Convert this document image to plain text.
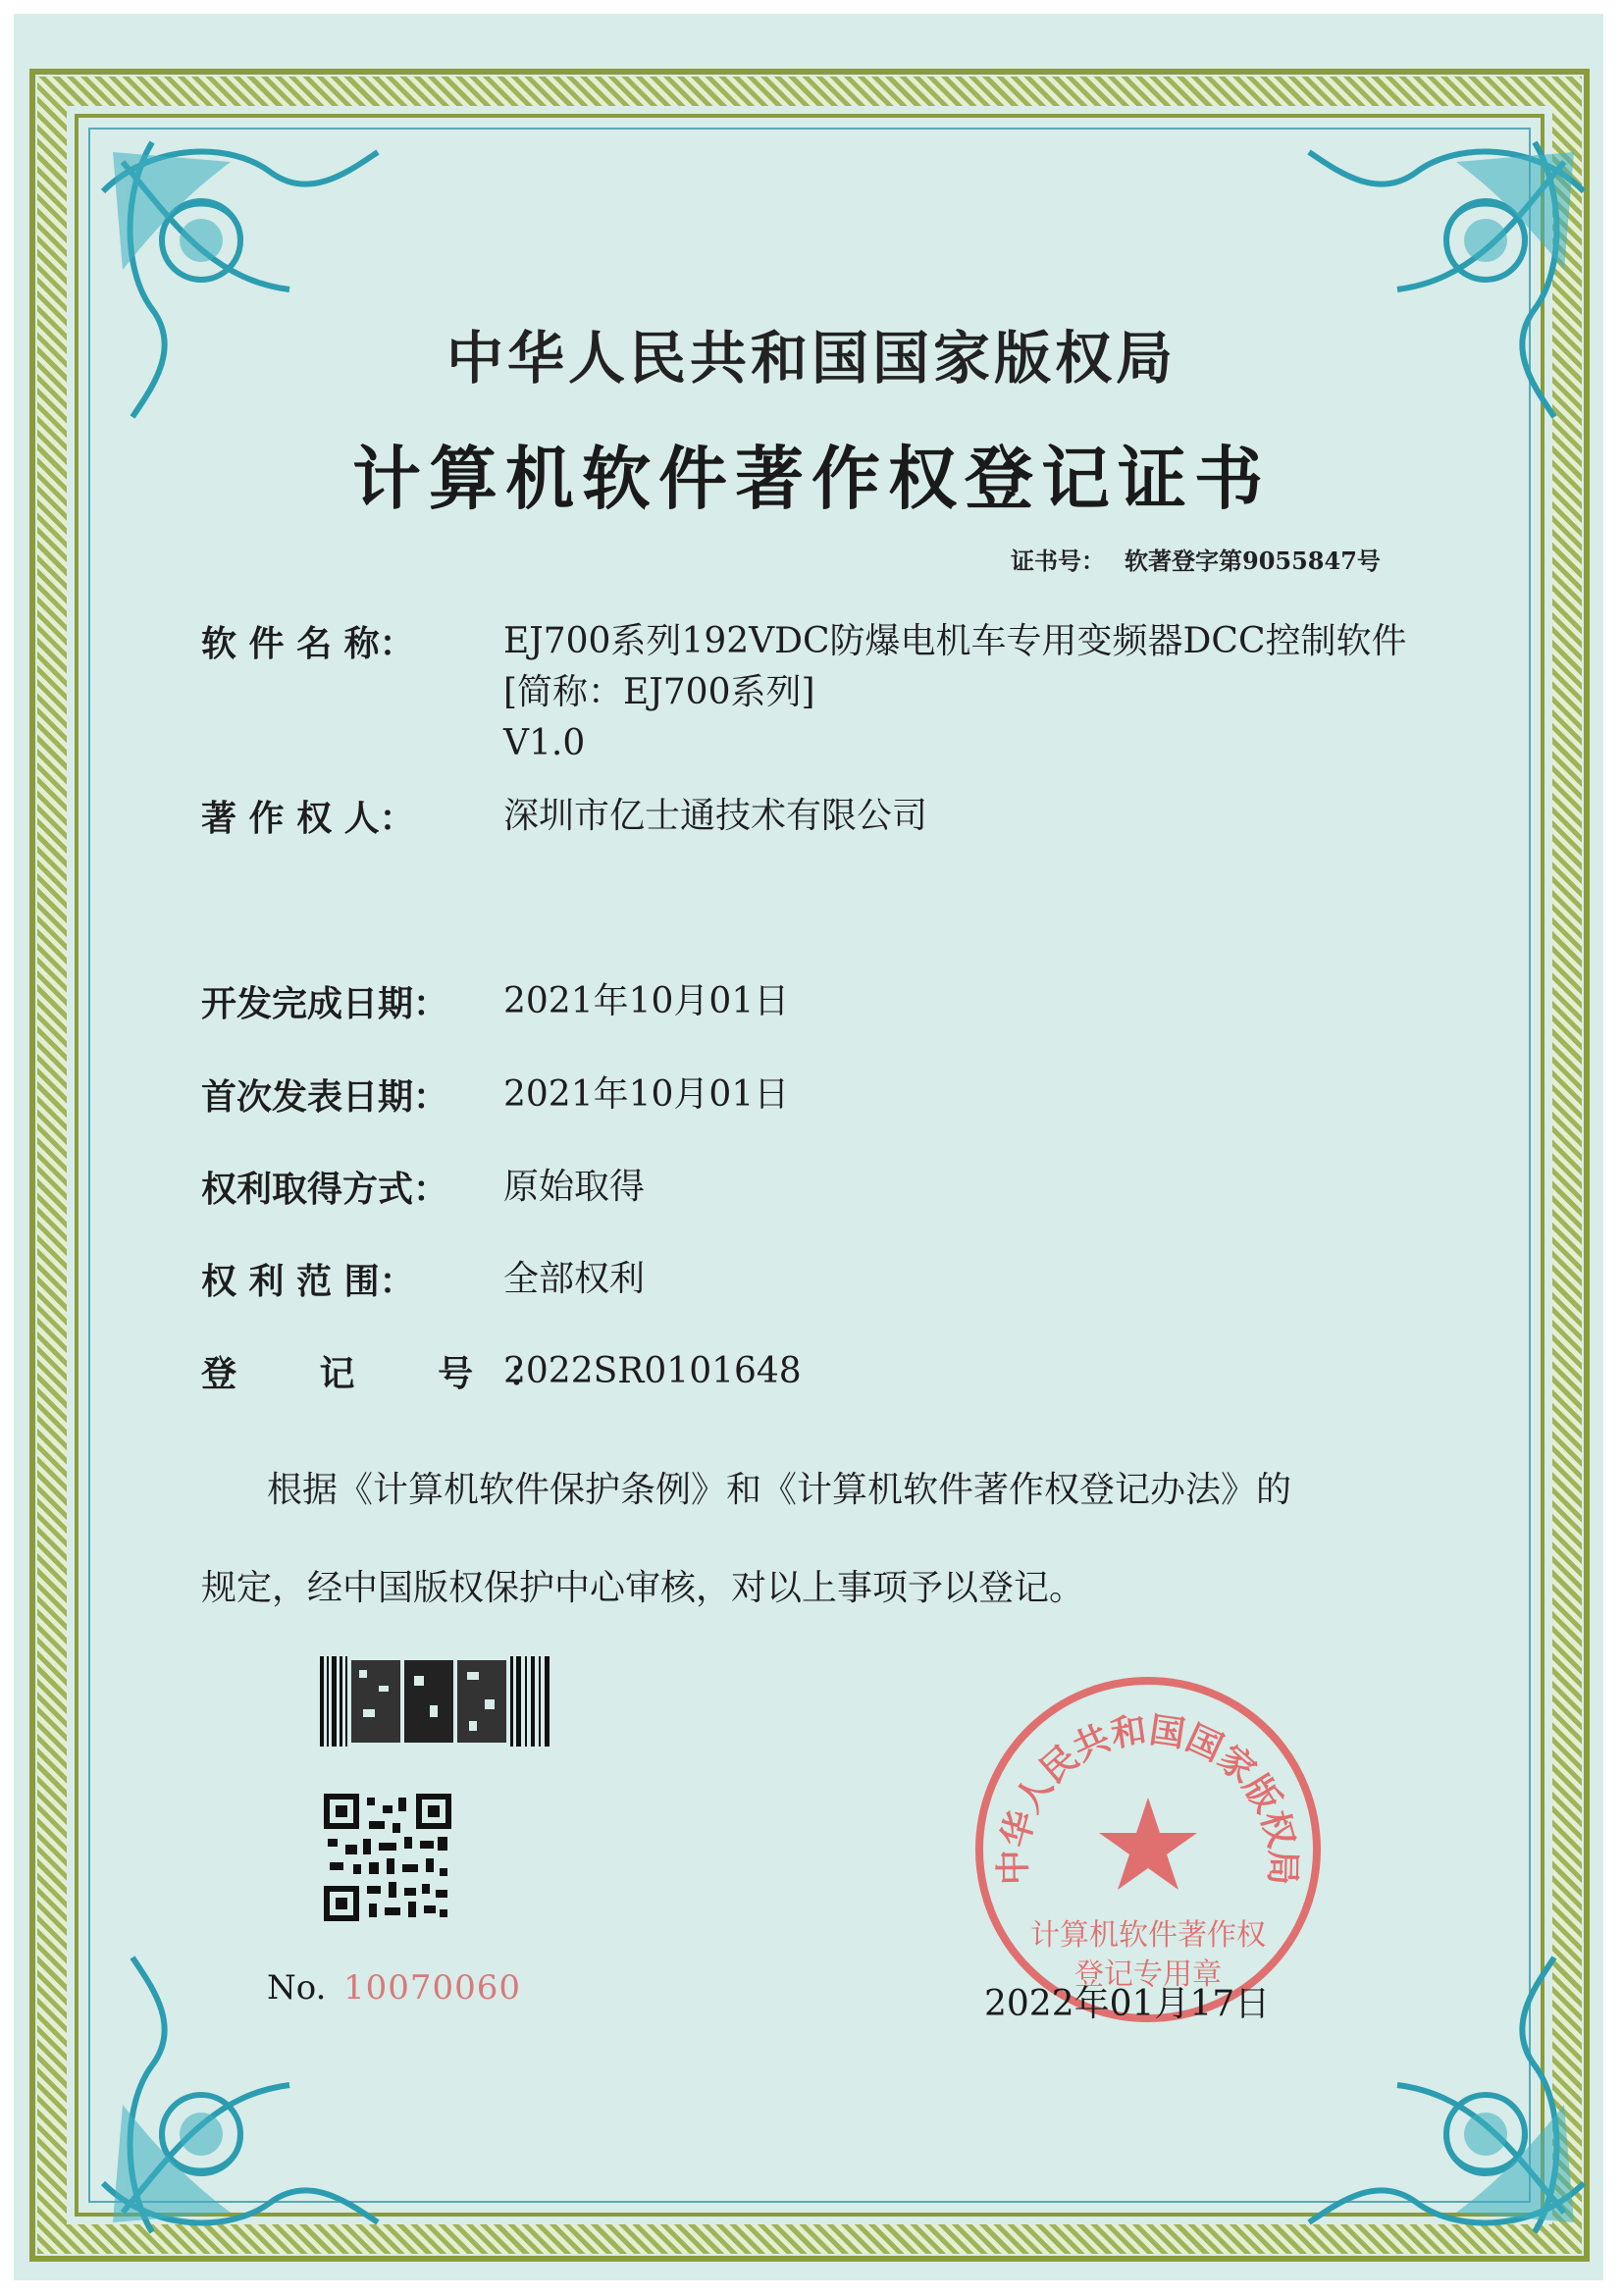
中华人民共和国国家版权局
计算机软件著作权登记证书
证书号： 软著登字第9055847号
软 件 名 称：	EJ700系列192VDC防爆电机车专用变频器DCC控制软件
[简称：EJ700系列]
V1.0
著 作 权 人：	深圳市亿士通技术有限公司
开发完成日期：	2021年10月01日
首次发表日期：	2021年10月01日
权利取得方式：	原始取得
权 利 范 围：	全部权利
登 记 号：
2022SR0101648
根据《计算机软件保护条例》和《计算机软件著作权登记办法》的
规定，经中国版权保护中心审核，对以上事项予以登记。
No. 10070060
中华人民共和国国家版权局
计算机软件著作权
登记专用章
2022年01月17日
